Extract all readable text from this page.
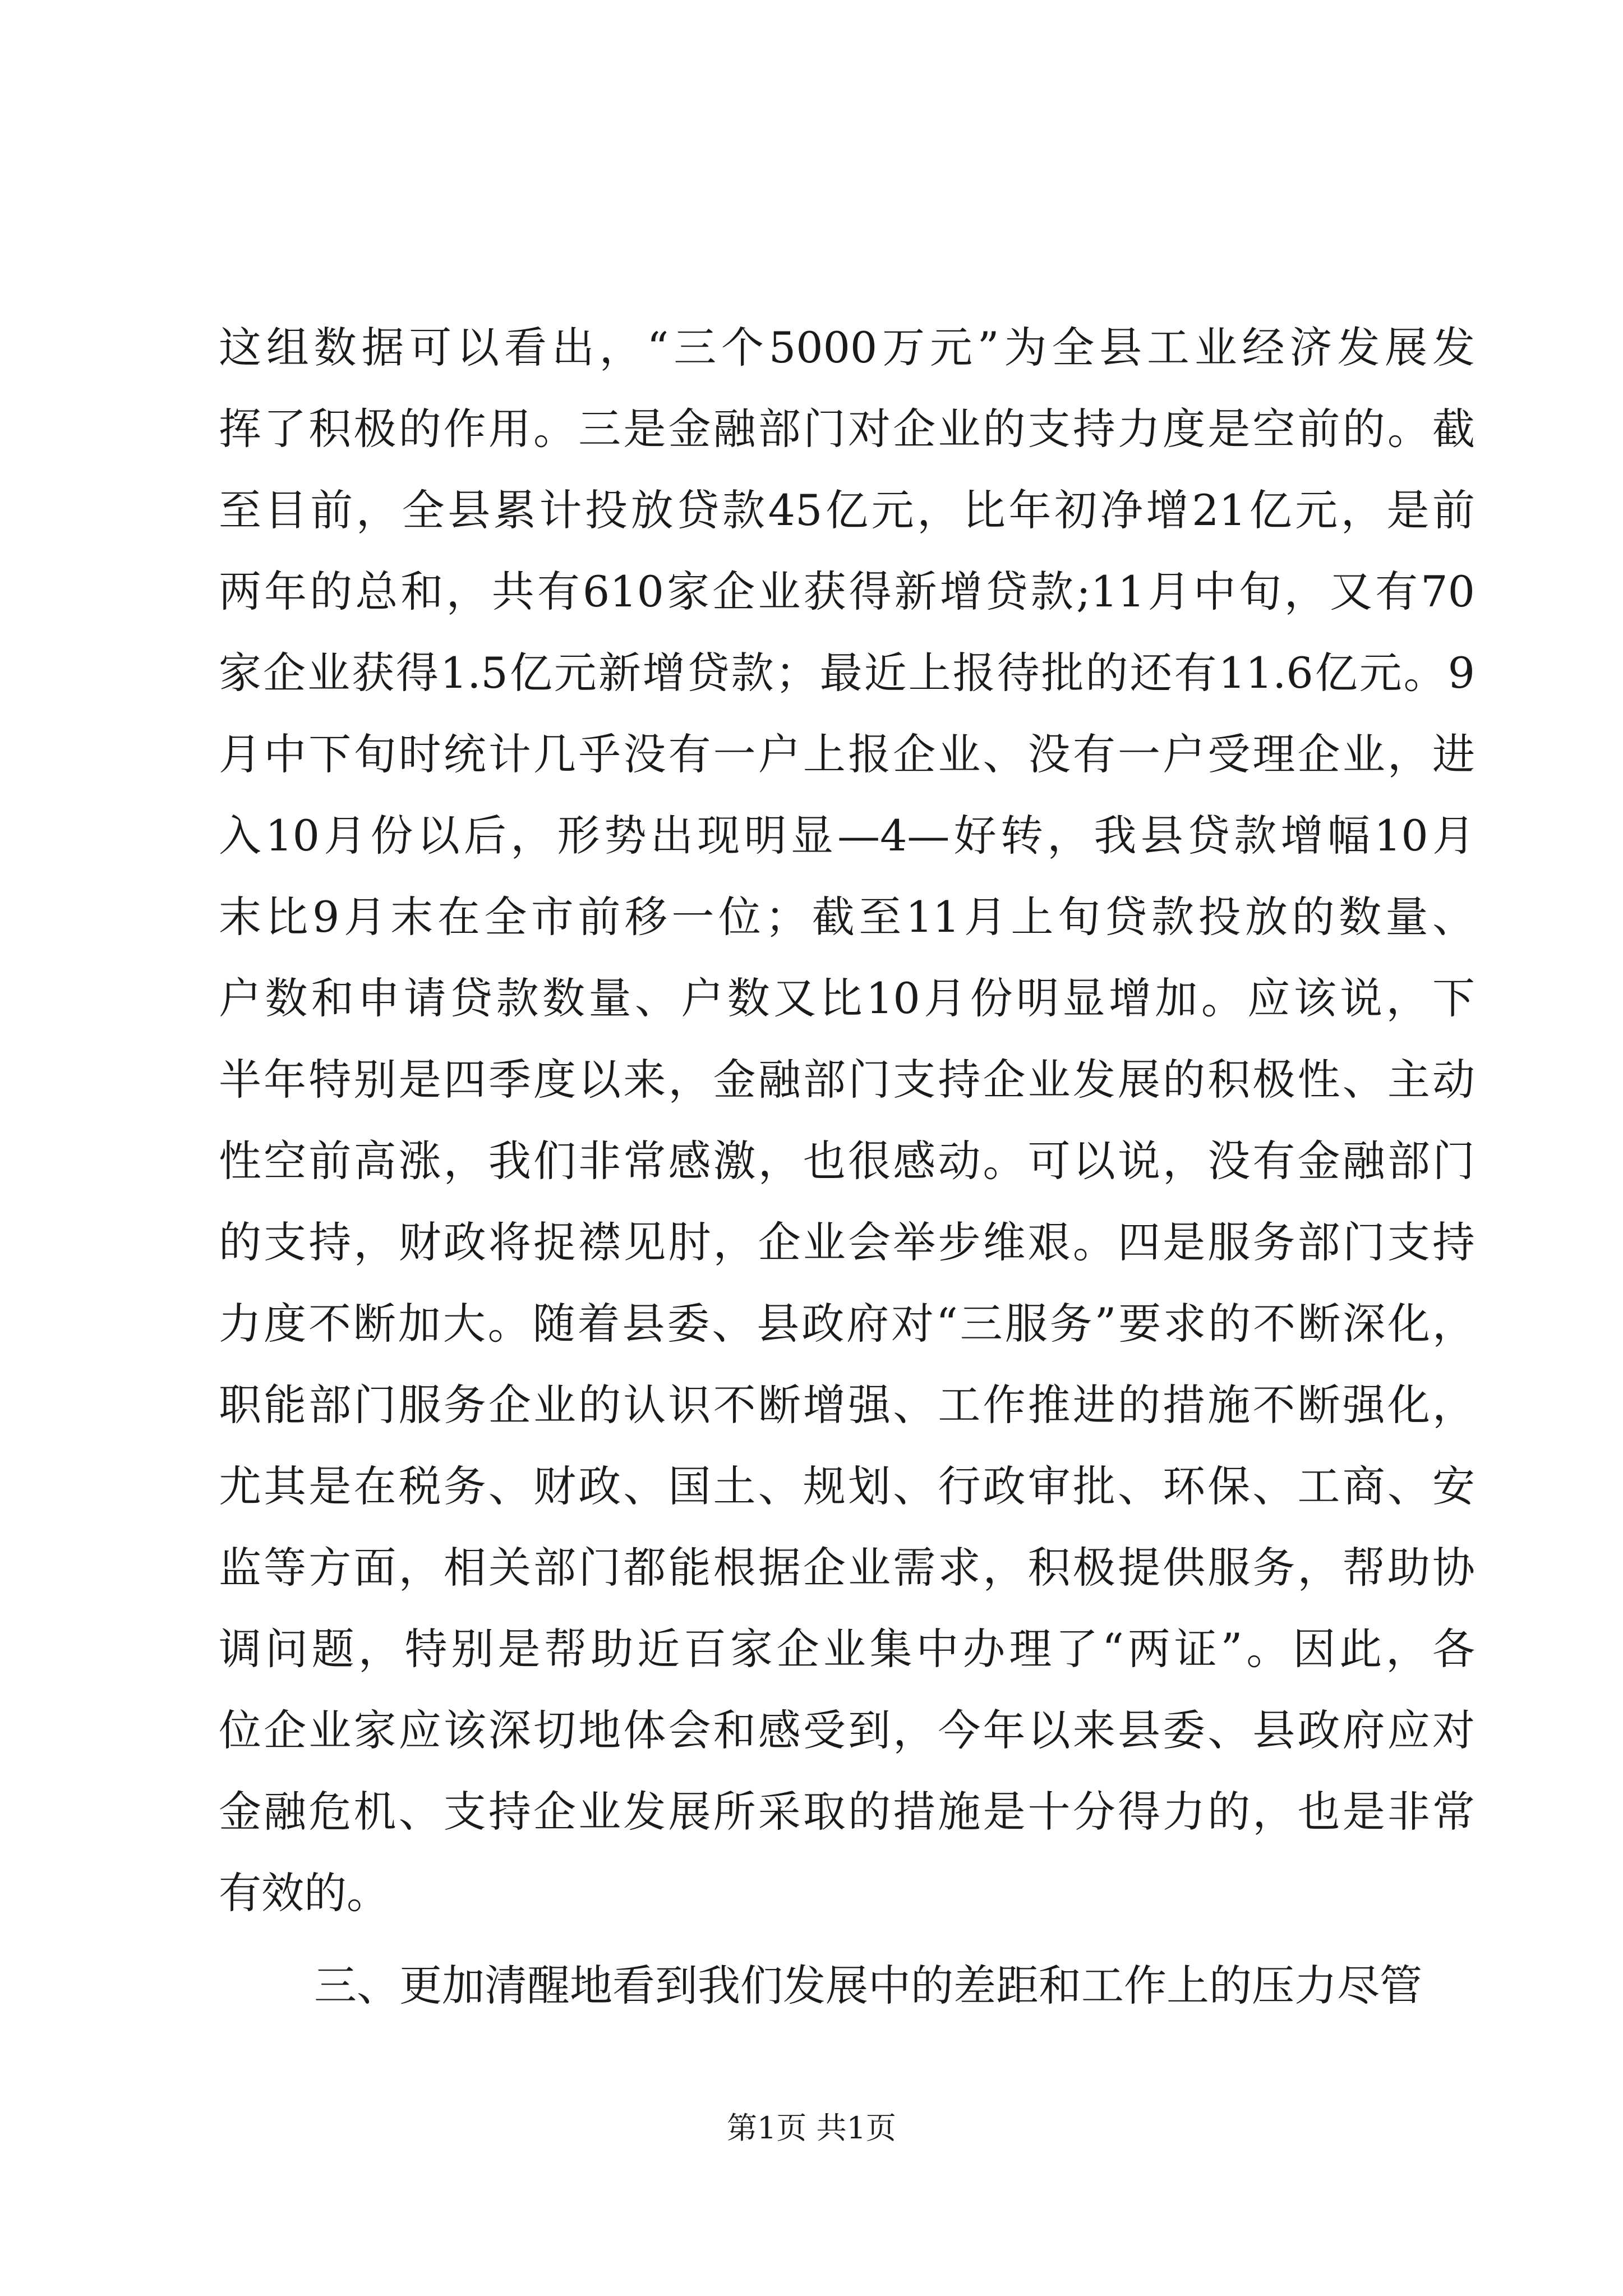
这组数据可以看出，“三个5000万元”为全县工业经济发展发
挥了积极的作用。三是金融部门对企业的支持力度是空前的。截
至目前，全县累计投放贷款45亿元，比年初净增21亿元，是前
两年的总和，共有610家企业获得新增贷款;11月中旬，又有70
家企业获得1.5亿元新增贷款；最近上报待批的还有11.6亿元。9
月中下旬时统计几乎没有一户上报企业、没有一户受理企业，进
入10月份以后，形势出现明显—4—好转，我县贷款增幅10月
末比9月末在全市前移一位；截至11月上旬贷款投放的数量、
户数和申请贷款数量、户数又比10月份明显增加。应该说，下
半年特别是四季度以来，金融部门支持企业发展的积极性、主动
性空前高涨，我们非常感激，也很感动。可以说，没有金融部门
的支持，财政将捉襟见肘，企业会举步维艰。四是服务部门支持
力度不断加大。随着县委、县政府对“三服务”要求的不断深化，
职能部门服务企业的认识不断增强、工作推进的措施不断强化，
尤其是在税务、财政、国土、规划、行政审批、环保、工商、安
监等方面，相关部门都能根据企业需求，积极提供服务，帮助协
调问题，特别是帮助近百家企业集中办理了“两证”。因此，各
位企业家应该深切地体会和感受到，今年以来县委、县政府应对
金融危机、支持企业发展所采取的措施是十分得力的，也是非常
有效的。
三、更加清醒地看到我们发展中的差距和工作上的压力尽管
第1页 共1页
